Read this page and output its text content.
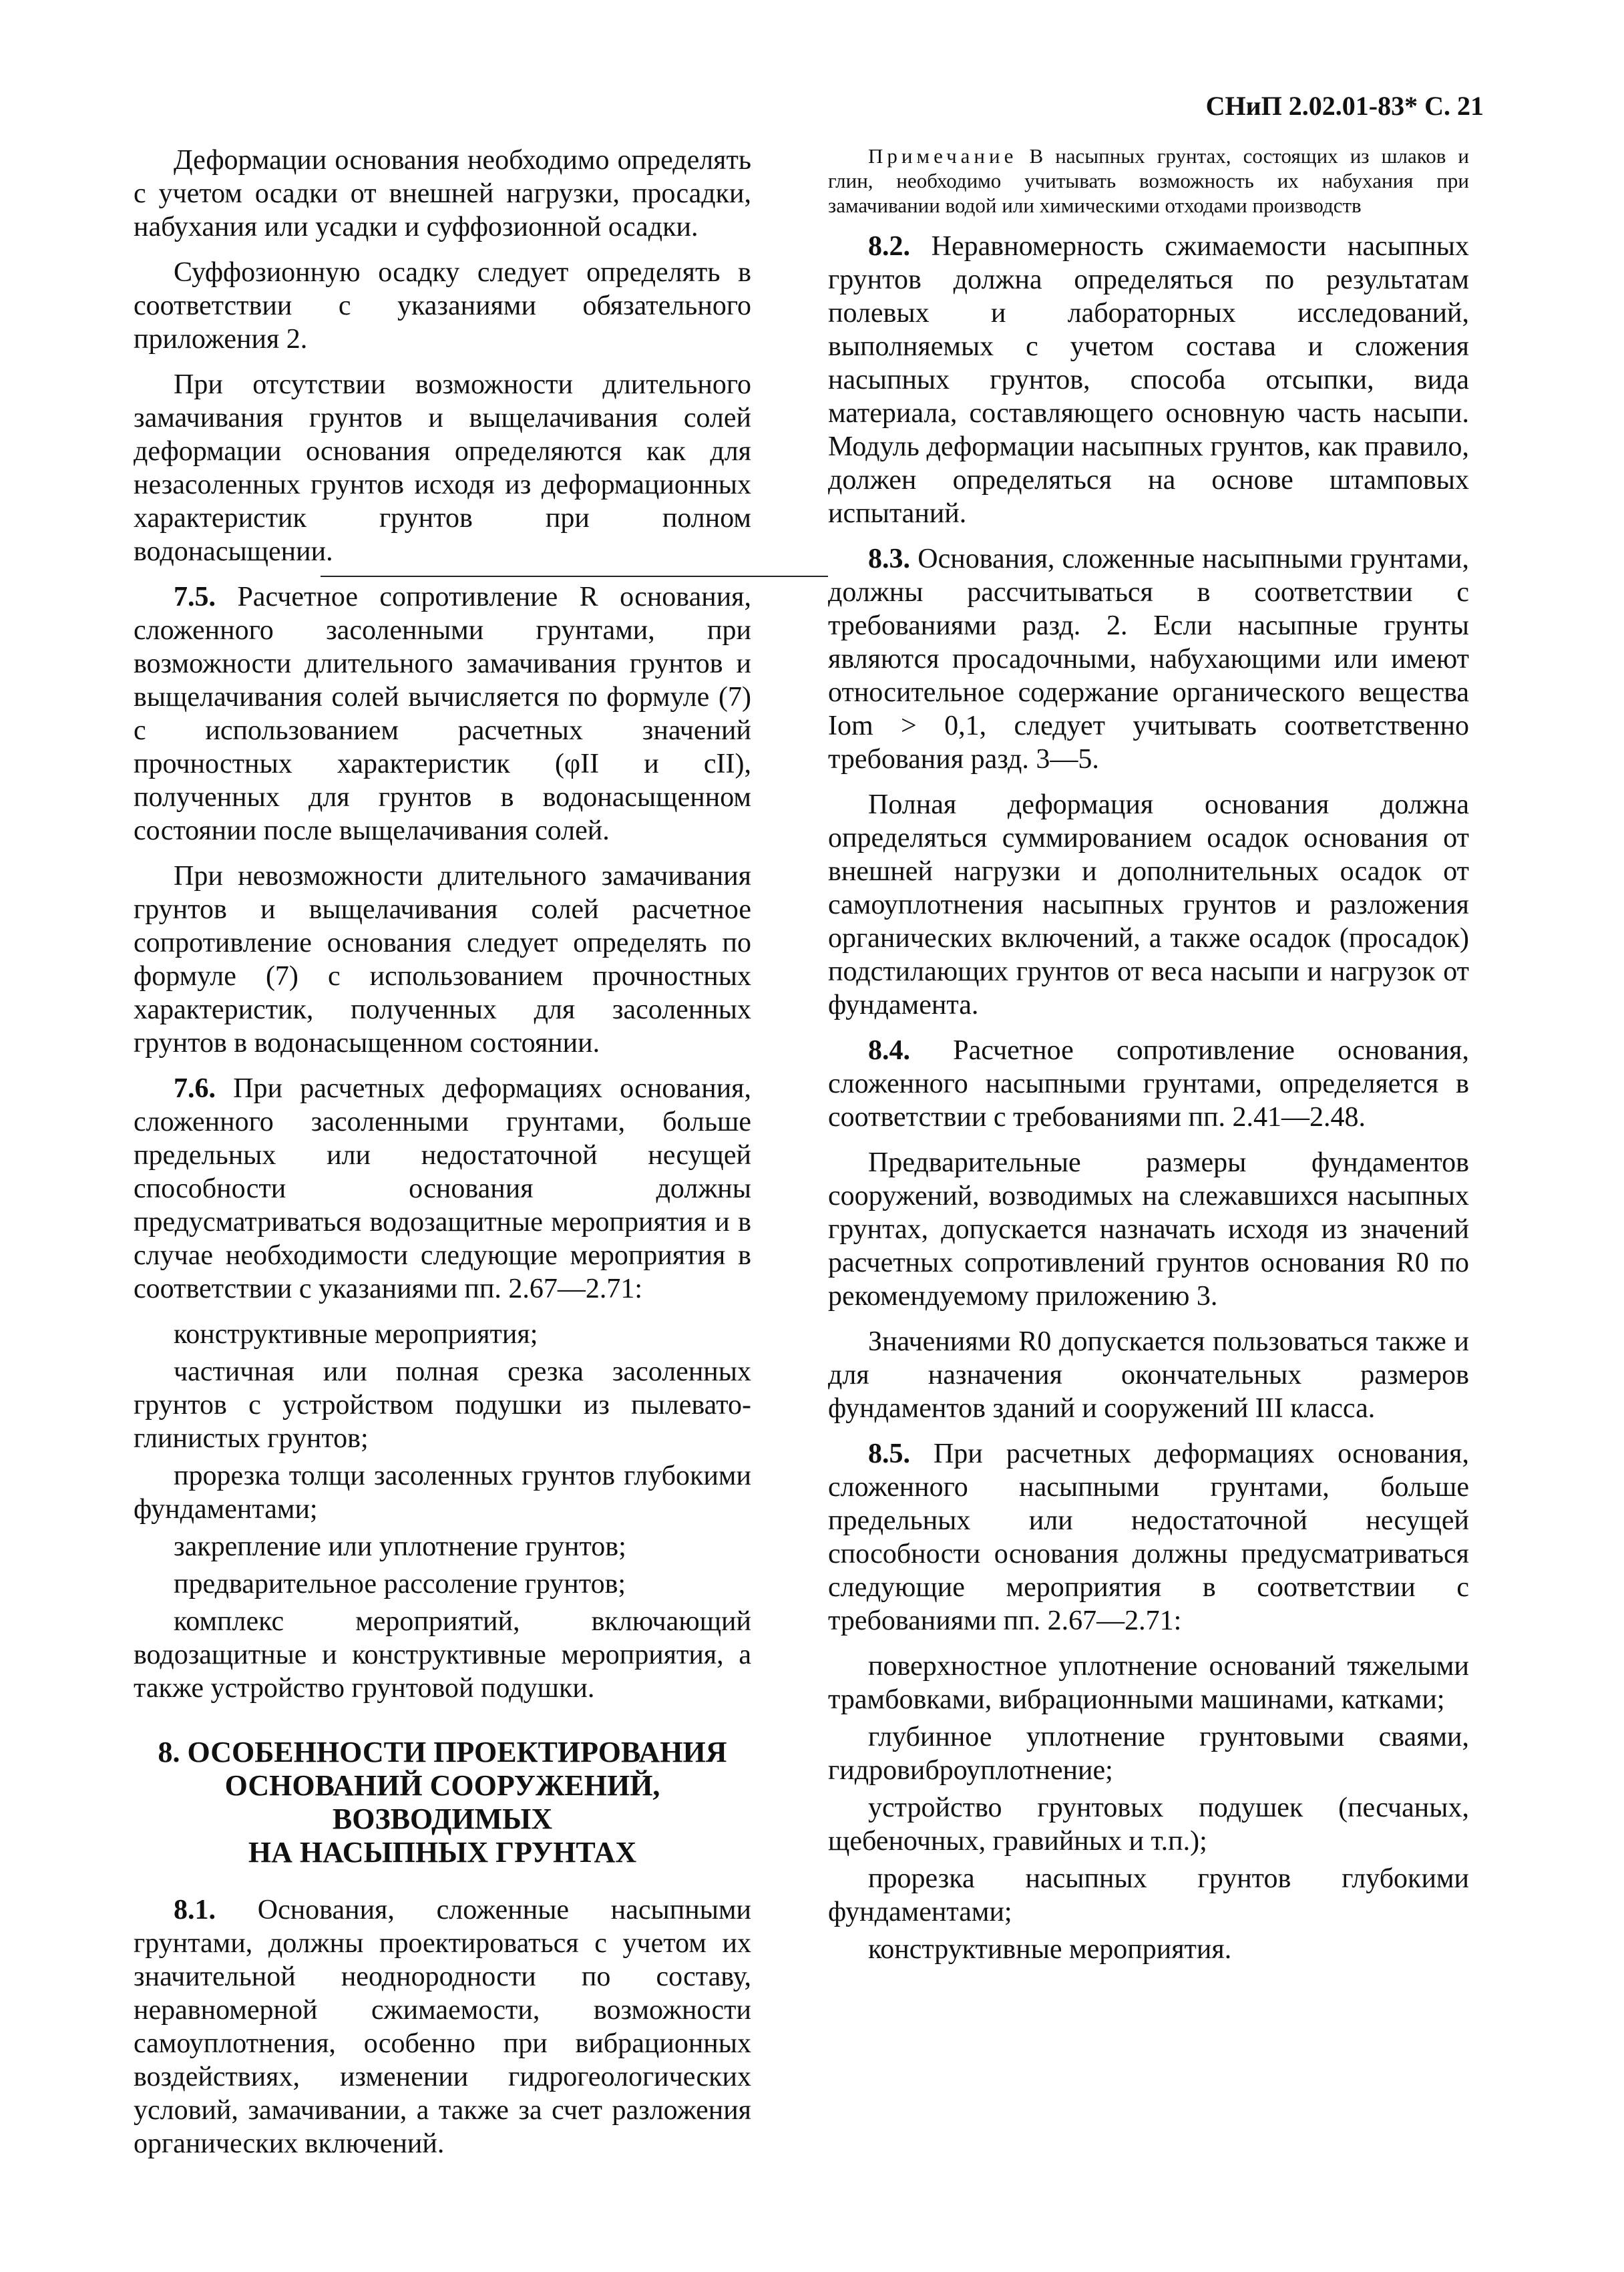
СНиП 2.02.01-83* С. 21

Деформации основания необходимо определять с учетом осадки от внешней нагрузки, просадки, набухания или усадки и суффозионной осадки.

Суффозионную осадку следует определять в соответствии с указаниями обязательного приложения 2.

При отсутствии возможности длительного замачивания грунтов и выщелачивания солей деформации основания определяются как для незасоленных грунтов исходя из деформационных характеристик грунтов при полном водонасыщении.

7.5. Расчетное сопротивление R основания, сложенного засоленными грунтами, при возможности длительного замачивания грунтов и выщелачивания солей вычисляется по формуле (7) с использованием расчетных значений прочностных характеристик (φII и cII), полученных для грунтов в водонасыщенном состоянии после выщелачивания солей.

При невозможности длительного замачивания грунтов и выщелачивания солей расчетное сопротивление основания следует определять по формуле (7) с использованием прочностных характеристик, полученных для засоленных грунтов в водонасыщенном состоянии.

7.6. При расчетных деформациях основания, сложенного засоленными грунтами, больше предельных или недостаточной несущей способности основания должны предусматриваться водозащитные мероприятия и в случае необходимости следующие мероприятия в соответствии с указаниями пп. 2.67—2.71:

конструктивные мероприятия;

частичная или полная срезка засоленных грунтов с устройством подушки из пылевато-глинистых грунтов;

прорезка толщи засоленных грунтов глубокими фундаментами;

закрепление или уплотнение грунтов;

предварительное рассоление грунтов;

комплекс мероприятий, включающий водозащитные и конструктивные мероприятия, а также устройство грунтовой подушки.

8. ОСОБЕННОСТИ ПРОЕКТИРОВАНИЯ
ОСНОВАНИЙ СООРУЖЕНИЙ,
ВОЗВОДИМЫХ
НА НАСЫПНЫХ ГРУНТАХ

8.1. Основания, сложенные насыпными грунтами, должны проектироваться с учетом их значительной неоднородности по составу, неравномерной сжимаемости, возможности самоуплотнения, особенно при вибрационных воздействиях, изменении гидрогеологических условий, замачивании, а также за счет разложения органических включений.

Примечание В насыпных грунтах, состоящих из шлаков и глин, необходимо учитывать возможность их набухания при замачивании водой или химическими отходами производств

8.2. Неравномерность сжимаемости насыпных грунтов должна определяться по результатам полевых и лабораторных исследований, выполняемых с учетом состава и сложения насыпных грунтов, способа отсыпки, вида материала, составляющего основную часть насыпи. Модуль деформации насыпных грунтов, как правило, должен определяться на основе штамповых испытаний.

8.3. Основания, сложенные насыпными грунтами, должны рассчитываться в соответствии с требованиями разд. 2. Если насыпные грунты являются просадочными, набухающими или имеют относительное содержание органического вещества Iom > 0,1, следует учитывать соответственно требования разд. 3—5.

Полная деформация основания должна определяться суммированием осадок основания от внешней нагрузки и дополнительных осадок от самоуплотнения насыпных грунтов и разложения органических включений, а также осадок (просадок) подстилающих грунтов от веса насыпи и нагрузок от фундамента.

8.4. Расчетное сопротивление основания, сложенного насыпными грунтами, определяется в соответствии с требованиями пп. 2.41—2.48.

Предварительные размеры фундаментов сооружений, возводимых на слежавшихся насыпных грунтах, допускается назначать исходя из значений расчетных сопротивлений грунтов основания R0 по рекомендуемому приложению 3.

Значениями R0 допускается пользоваться также и для назначения окончательных размеров фундаментов зданий и сооружений III класса.

8.5. При расчетных деформациях основания, сложенного насыпными грунтами, больше предельных или недостаточной несущей способности основания должны предусматриваться следующие мероприятия в соответствии с требованиями пп. 2.67—2.71:

поверхностное уплотнение оснований тяжелыми трамбовками, вибрационными машинами, катками;

глубинное уплотнение грунтовыми сваями, гидровиброуплотнение;

устройство грунтовых подушек (песчаных, щебеночных, гравийных и т.п.);

прорезка насыпных грунтов глубокими фундаментами;

конструктивные мероприятия.
